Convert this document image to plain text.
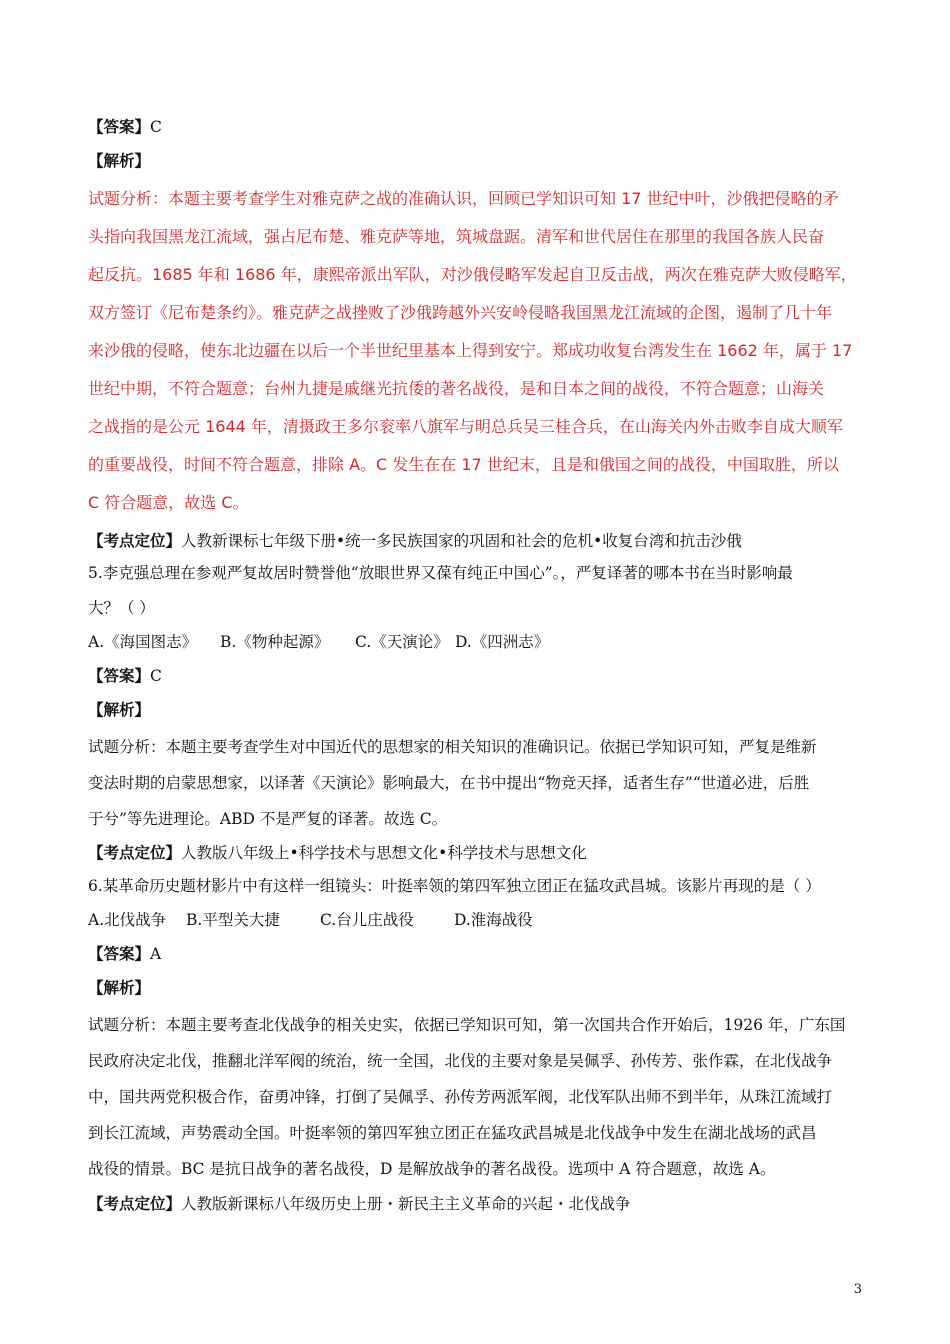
【答案】C
【解析】
试题分析：本题主要考查学生对雅克萨之战的准确认识，回顾已学知识可知 17 世纪中叶，沙俄把侵略的矛
头指向我国黑龙江流域，强占尼布楚、雅克萨等地，筑城盘踞。清军和世代居住在那里的我国各族人民奋
起反抗。1685 年和 1686 年，康熙帝派出军队，对沙俄侵略军发起自卫反击战，两次在雅克萨大败侵略军，
双方签订《尼布楚条约》。雅克萨之战挫败了沙俄跨越外兴安岭侵略我国黑龙江流域的企图，遏制了几十年
来沙俄的侵略，使东北边疆在以后一个半世纪里基本上得到安宁。郑成功收复台湾发生在 1662 年，属于 17
世纪中期，不符合题意；台州九捷是戚继光抗倭的著名战役，是和日本之间的战役，不符合题意；山海关
之战指的是公元 1644 年，清摄政王多尔衮率八旗军与明总兵吴三桂合兵，在山海关内外击败李自成大顺军
的重要战役，时间不符合题意，排除 A。C 发生在在 17 世纪末，且是和俄国之间的战役，中国取胜，所以
C 符合题意，故选 C。
【考点定位】人教新课标七年级下册•统一多民族国家的巩固和社会的危机•收复台湾和抗击沙俄
5.李克强总理在参观严复故居时赞誉他“放眼世界又葆有纯正中国心”。，严复译著的哪本书在当时影响最
大？（ ）
A.《海国图志》 B.《物种起源》 C.《天演论》 D.《四洲志》
【答案】C
【解析】
试题分析：本题主要考查学生对中国近代的思想家的相关知识的准确识记。依据已学知识可知，严复是维新
变法时期的启蒙思想家，以译著《天演论》影响最大，在书中提出“物竞天择，适者生存”“世道必进，后胜
于兮”等先进理论。ABD 不是严复的译著。故选 C。
【考点定位】人教版八年级上•科学技术与思想文化•科学技术与思想文化
6.某革命历史题材影片中有这样一组镜头：叶挺率领的第四军独立团正在猛攻武昌城。该影片再现的是（ ）
A.北伐战争 B.平型关大捷	C.台儿庄战役	D.淮海战役
【答案】A
【解析】
试题分析：本题主要考查北伐战争的相关史实，依据已学知识可知，第一次国共合作开始后，1926 年，广东国
民政府决定北伐，推翻北洋军阀的统治，统一全国，北伐的主要对象是吴佩孚、孙传芳、张作霖，在北伐战争
中，国共两党积极合作，奋勇冲锋，打倒了吴佩孚、孙传芳两派军阀，北伐军队出师不到半年，从珠江流域打
到长江流域，声势震动全国。叶挺率领的第四军独立团正在猛攻武昌城是北伐战争中发生在湖北战场的武昌
战役的情景。BC 是抗日战争的著名战役，D 是解放战争的著名战役。选项中 A 符合题意，故选 A。
【考点定位】人教版新课标八年级历史上册・新民主主义革命的兴起・北伐战争
3
